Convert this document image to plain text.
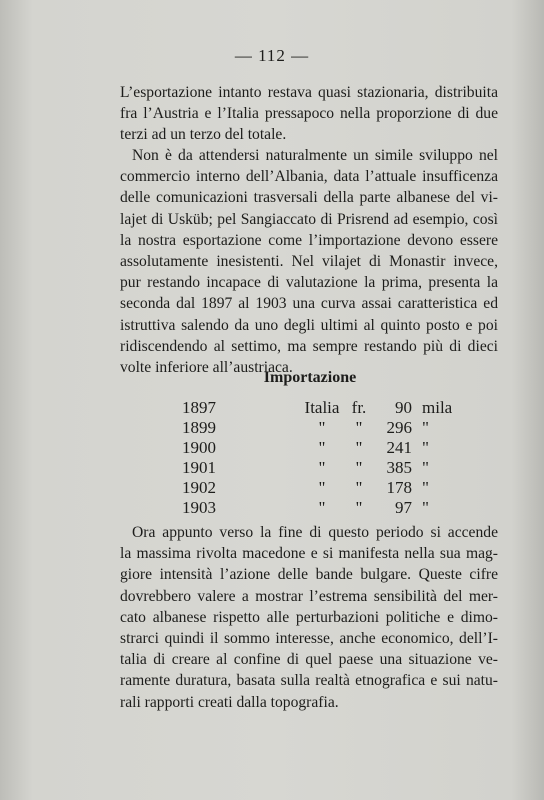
— 112 —

L’esportazione intanto restava quasi stazionaria, distribuita
fra l’Austria e l’Italia pressapoco nella proporzione di due
terzi ad un terzo del totale.

Non è da attendersi naturalmente un simile sviluppo nel
commercio interno dell’Albania, data l’attuale insufficenza
delle comunicazioni trasversali della parte albanese del vi-
lajet di Usküb; pel Sangiaccato di Prisrend ad esempio, così
la nostra esportazione come l’importazione devono essere
assolutamente inesistenti. Nel vilajet di Monastir invece,
pur restando incapace di valutazione la prima, presenta la
seconda dal 1897 al 1903 una curva assai caratteristica ed
istruttiva salendo da uno degli ultimi al quinto posto e poi
ridiscendendo al settimo, ma sempre restando più di dieci
volte inferiore all’austriaca.

Importazione
1897	Italia	fr.	90	mila
1899	"	"	296	"
1900	"	"	241	"
1901	"	"	385	"
1902	"	"	178	"
1903	"	"	97	"

Ora appunto verso la fine di questo periodo si accende
la massima rivolta macedone e si manifesta nella sua mag-
giore intensità l’azione delle bande bulgare. Queste cifre
dovrebbero valere a mostrar l’estrema sensibilità del mer-
cato albanese rispetto alle perturbazioni politiche e dimo-
strarci quindi il sommo interesse, anche economico, dell’I-
talia di creare al confine di quel paese una situazione ve-
ramente duratura, basata sulla realtà etnografica e sui natu-
rali rapporti creati dalla topografia.
